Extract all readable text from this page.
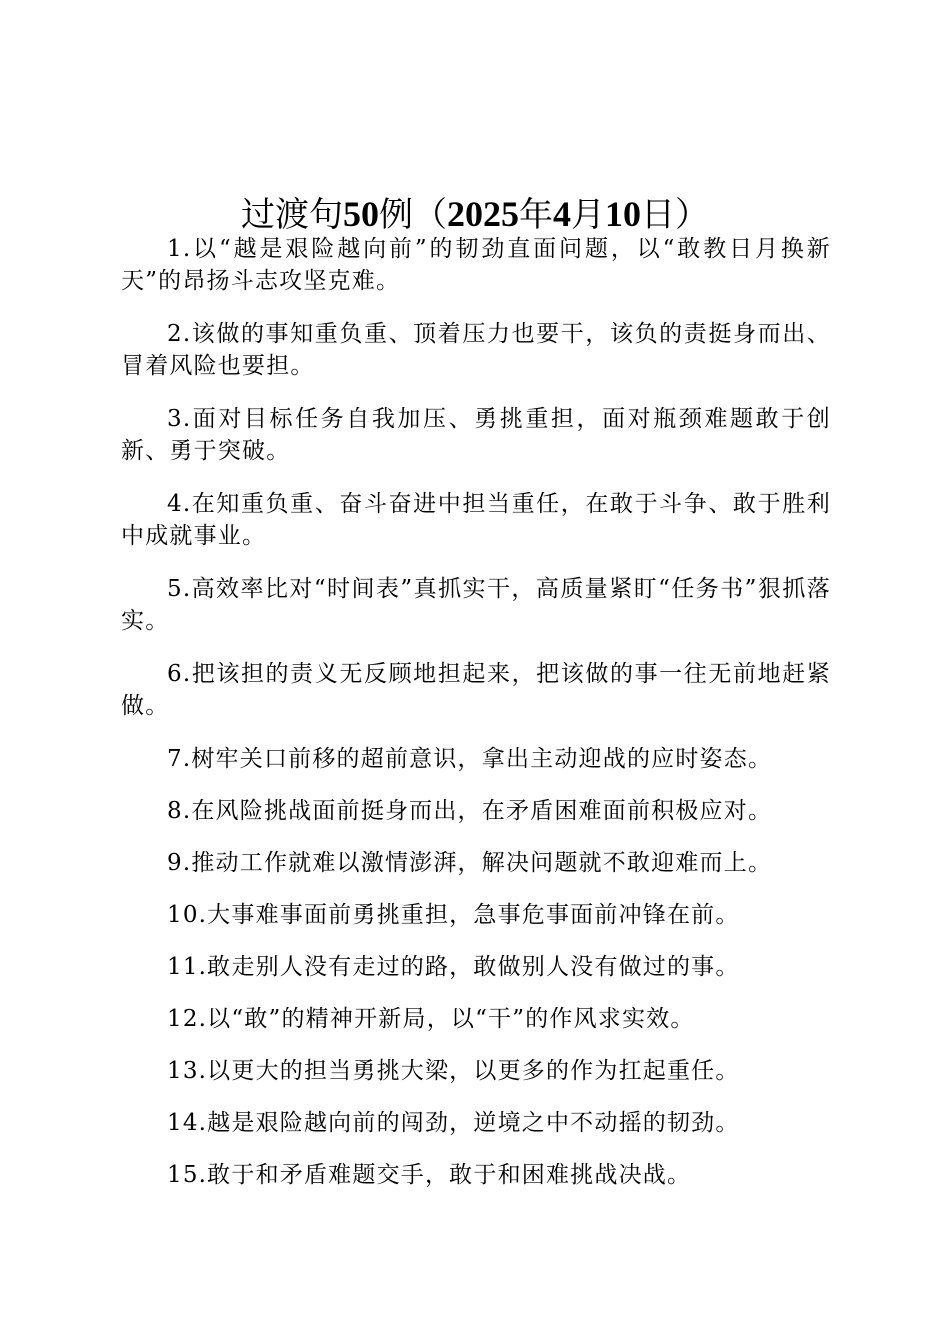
过渡句50例（2025年4月10日）

1.以“越是艰险越向前”的韧劲直面问题，以“敢教日月换新天”的昂扬斗志攻坚克难。

2.该做的事知重负重、顶着压力也要干，该负的责挺身而出、冒着风险也要担。

3.面对目标任务自我加压、勇挑重担，面对瓶颈难题敢于创新、勇于突破。

4.在知重负重、奋斗奋进中担当重任，在敢于斗争、敢于胜利中成就事业。

5.高效率比对“时间表”真抓实干，高质量紧盯“任务书”狠抓落实。

6.把该担的责义无反顾地担起来，把该做的事一往无前地赶紧做。

7.树牢关口前移的超前意识，拿出主动迎战的应时姿态。

8.在风险挑战面前挺身而出，在矛盾困难面前积极应对。

9.推动工作就难以激情澎湃，解决问题就不敢迎难而上。

10.大事难事面前勇挑重担，急事危事面前冲锋在前。

11.敢走别人没有走过的路，敢做别人没有做过的事。

12.以“敢”的精神开新局，以“干”的作风求实效。

13.以更大的担当勇挑大梁，以更多的作为扛起重任。

14.越是艰险越向前的闯劲，逆境之中不动摇的韧劲。

15.敢于和矛盾难题交手，敢于和困难挑战决战。
